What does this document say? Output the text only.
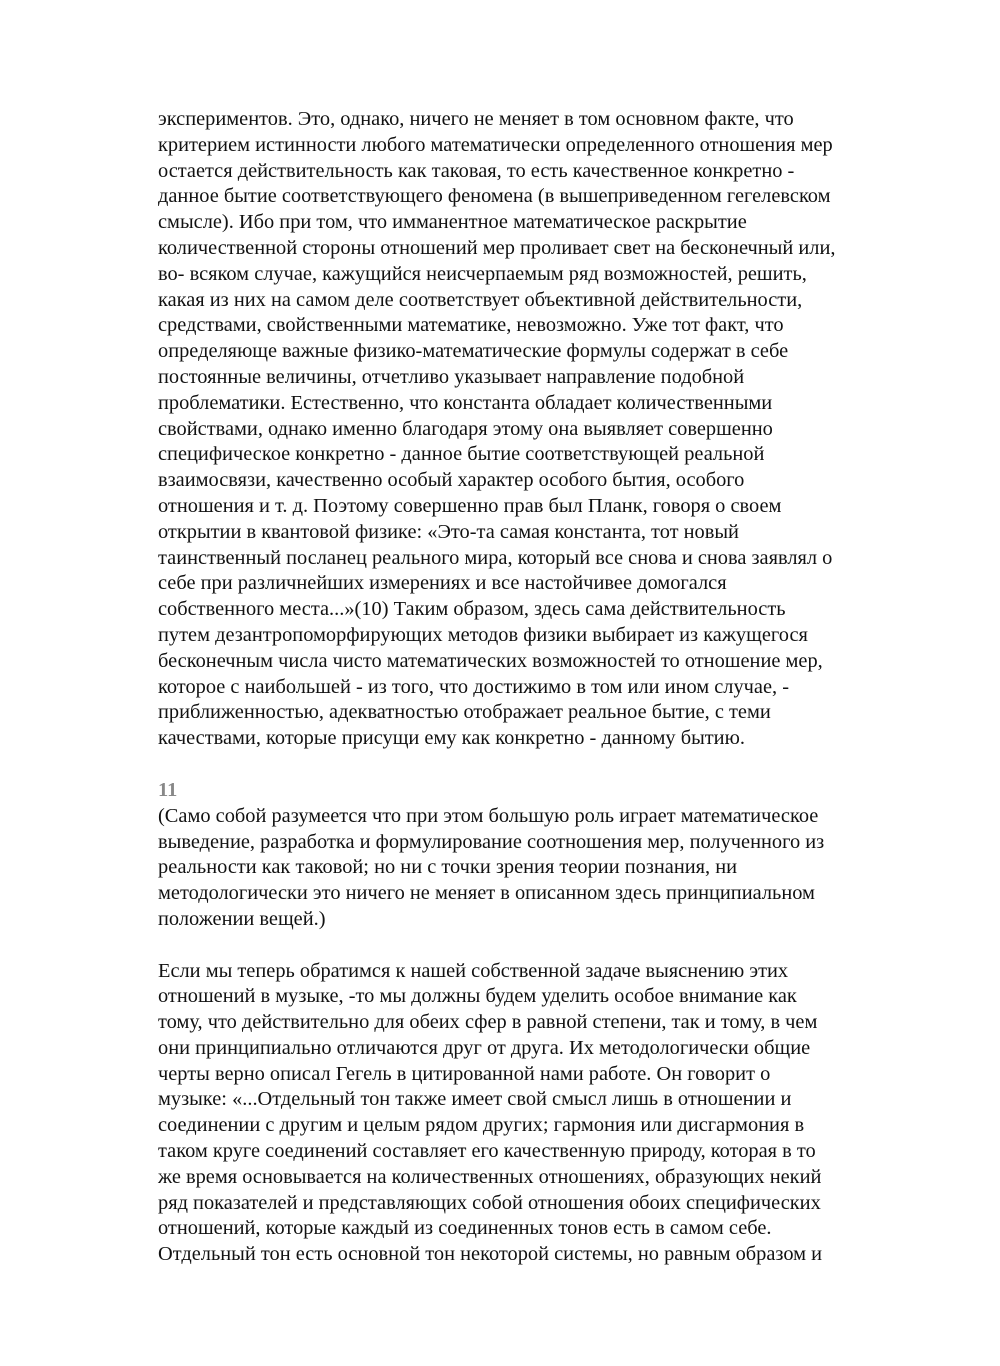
экспериментов. Это, однако, ничего не меняет в том основном факте, что
критерием истинности любого математически определенного отношения мер
остается действительность как таковая, то есть качественное конкретно -
данное бытие соответствующего феномена (в вышеприведенном гегелевском
смысле). Ибо при том, что имманентное математическое раскрытие
количественной стороны отношений мер проливает свет на бесконечный или,
во- всяком случае, кажущийся неисчерпаемым ряд возможностей, решить,
какая из них на самом деле соответствует объективной действительности,
средствами, свойственными математике, невозможно. Уже тот факт, что
определяюще важные физико-математические формулы содержат в себе
постоянные величины, отчетливо указывает направление подобной
проблематики. Естественно, что константа обладает количественными
свойствами, однако именно благодаря этому она выявляет совершенно
специфическое конкретно - данное бытие соответствующей реальной
взаимосвязи, качественно особый характер особого бытия, особого
отношения и т. д. Поэтому совершенно прав был Планк, говоря о своем
открытии в квантовой физике: «Это-та самая константа, тот новый
таинственный посланец реального мира, который все снова и снова заявлял о
себе при различнейших измерениях и все настойчивее домогался
собственного места...»(10) Таким образом, здесь сама действительность
путем дезантропоморфирующих методов физики выбирает из кажущегося
бесконечным числа чисто математических возможностей то отношение мер,
которое с наибольшей - из того, что достижимо в том или ином случае, -
приближенностью, адекватностью отображает реальное бытие, с теми
качествами, которые присущи ему как конкретно - данному бытию.
11
(Само собой разумеется что при этом большую роль играет математическое
выведение, разработка и формулирование соотношения мер, полученного из
реальности как таковой; но ни с точки зрения теории познания, ни
методологически это ничего не меняет в описанном здесь принципиальном
положении вещей.)
Если мы теперь обратимся к нашей собственной задаче выяснению этих
отношений в музыке, -то мы должны будем уделить особое внимание как
тому, что действительно для обеих сфер в равной степени, так и тому, в чем
они принципиально отличаются друг от друга. Их методологически общие
черты верно описал Гегель в цитированной нами работе. Он говорит о
музыке: «...Отдельный тон также имеет свой смысл лишь в отношении и
соединении с другим и целым рядом других; гармония или дисгармония в
таком круге соединений составляет его качественную природу, которая в то
же время основывается на количественных отношениях, образующих некий
ряд показателей и представляющих собой отношения обоих специфических
отношений, которые каждый из соединенных тонов есть в самом себе.
Отдельный тон есть основной тон некоторой системы, но равным образом и
